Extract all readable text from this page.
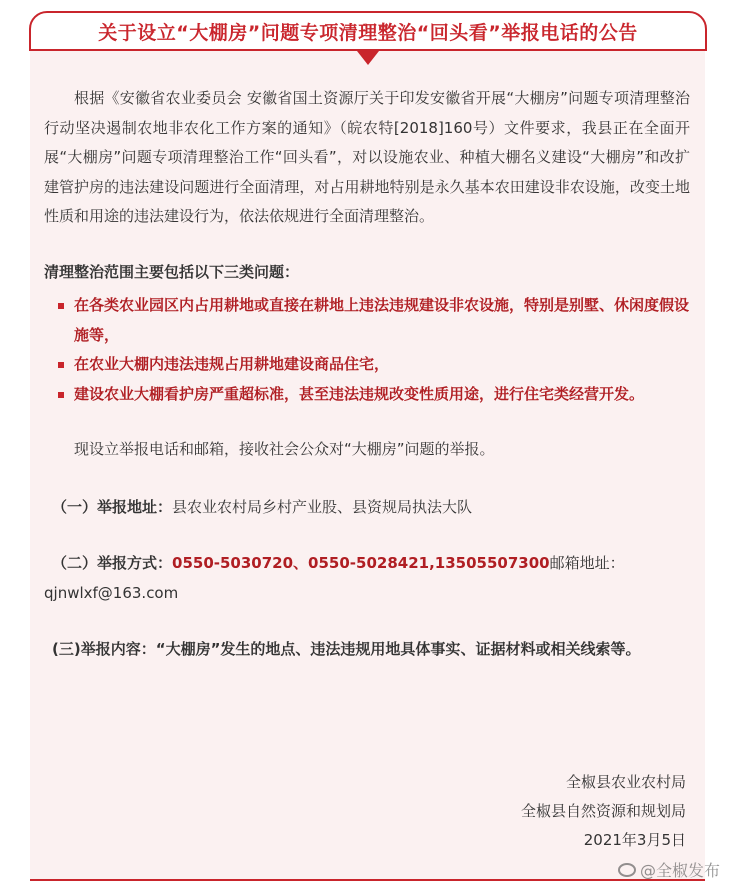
关于设立“大棚房”问题专项清理整治“回头看”举报电话的公告

根据《安徽省农业委员会 安徽省国土资源厅关于印发安徽省开展“大棚房”问题专项清理整治行动坚决遏制农地非农化工作方案的通知》（皖农特[2018]160号）文件要求，我县正在全面开展“大棚房”问题专项清理整治工作“回头看”，对以设施农业、种植大棚名义建设“大棚房”和改扩建管护房的违法建设问题进行全面清理，对占用耕地特别是永久基本农田建设非农设施，改变土地性质和用途的违法建设行为，依法依规进行全面清理整治。

清理整治范围主要包括以下三类问题：

在各类农业园区内占用耕地或直接在耕地上违法违规建设非农设施，特别是别墅、休闲度假设施等，
在农业大棚内违法违规占用耕地建设商品住宅，
建设农业大棚看护房严重超标准，甚至违法违规改变性质用途，进行住宅类经营开发。

现设立举报电话和邮箱，接收社会公众对“大棚房”问题的举报。

（一）举报地址：县农业农村局乡村产业股、县资规局执法大队

（二）举报方式：0550-5030720、0550-5028421,13505507300邮箱地址：
qjnwlxf@163.com

(三)举报内容：“大棚房”发生的地点、违法违规用地具体事实、证据材料或相关线索等。

全椒县农业农村局
全椒县自然资源和规划局
2021年3月5日
@全椒发布
